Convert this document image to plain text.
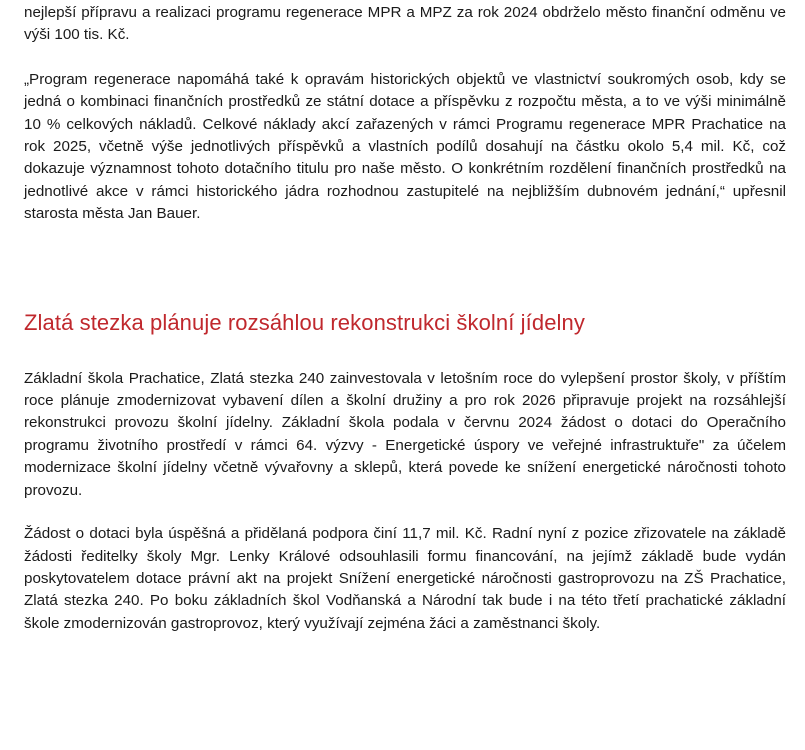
nejlepší přípravu a realizaci programu regenerace MPR a MPZ za rok 2024 obdrželo město finanční odměnu ve výši 100 tis. Kč.

„Program regenerace napomáhá také k opravám historických objektů ve vlastnictví soukromých osob, kdy se jedná o kombinaci finančních prostředků ze státní dotace a příspěvku z rozpočtu města, a to ve výši minimálně 10 % celkových nákladů. Celkové náklady akcí zařazených v rámci Programu regenerace MPR Prachatice na rok 2025, včetně výše jednotlivých příspěvků a vlastních podílů dosahují na částku okolo 5,4 mil. Kč, což dokazuje významnost tohoto dotačního titulu pro naše město. O konkrétním rozdělení finančních prostředků na jednotlivé akce v rámci historického jádra rozhodnou zastupitelé na nejbližším dubnovém jednání,“ upřesnil starosta města Jan Bauer.

Zlatá stezka plánuje rozsáhlou rekonstrukci školní jídelny

Základní škola Prachatice, Zlatá stezka 240 zainvestovala v letošním roce do vylepšení prostor školy, v příštím roce plánuje zmodernizovat vybavení dílen a školní družiny a pro rok 2026 připravuje projekt na rozsáhlejší rekonstrukci provozu školní jídelny. Základní škola podala v červnu 2024 žádost o dotaci do Operačního programu životního prostředí v rámci 64. výzvy - Energetické úspory ve veřejné infrastruktuře" za účelem modernizace školní jídelny včetně vývařovny a sklepů, která povede ke snížení energetické náročnosti tohoto provozu.

Žádost o dotaci byla úspěšná a přidělaná podpora činí 11,7 mil. Kč. Radní nyní z pozice zřizovatele na základě žádosti ředitelky školy Mgr. Lenky Králové odsouhlasili formu financování, na jejímž základě bude vydán poskytovatelem dotace právní akt na projekt Snížení energetické náročnosti gastroprovozu na ZŠ Prachatice, Zlatá stezka 240. Po boku základních škol Vodňanská a Národní tak bude i na této třetí prachatické základní škole zmodernizován gastroprovoz, který využívají zejména žáci a zaměstnanci školy.
